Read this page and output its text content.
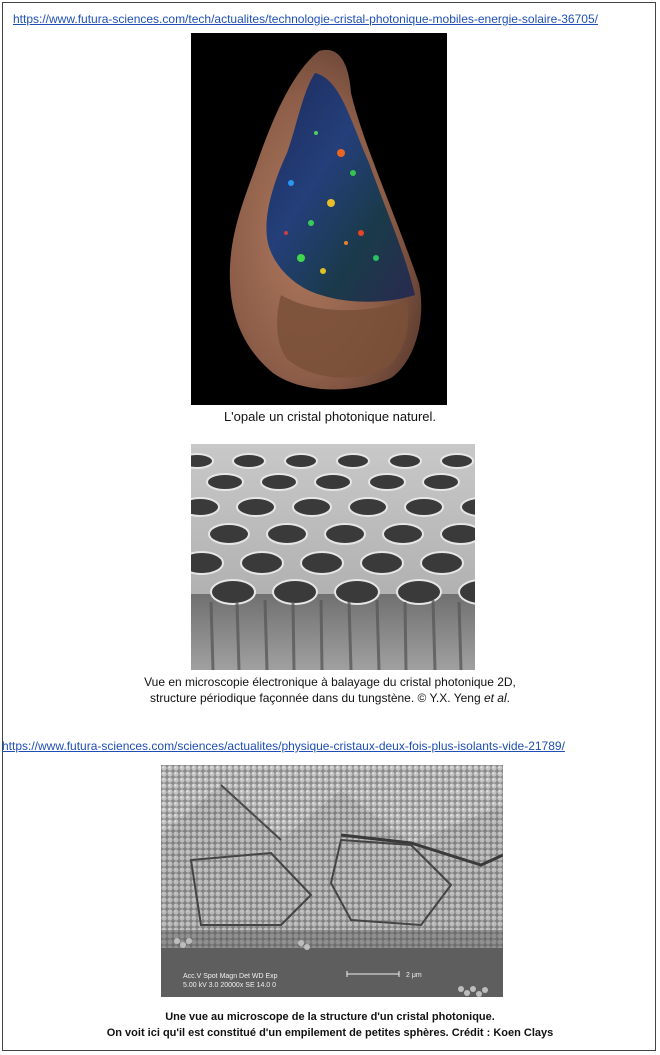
https://www.futura-sciences.com/tech/actualites/technologie-cristal-photonique-mobiles-energie-solaire-36705/
L'opale un cristal photonique naturel.
Vue en microscopie électronique à balayage du cristal photonique 2D,
structure périodique façonnée dans du tungstène. © Y.X. Yeng et al.
https://www.futura-sciences.com/sciences/actualites/physique-cristaux-deux-fois-plus-isolants-vide-21789/
Acc.V Spot Magn Det WD Exp
5.00 kV 3.0 20000x SE 14.0 0
2 μm
Une vue au microscope de la structure d'un cristal photonique.
On voit ici qu'il est constitué d'un empilement de petites sphères. Crédit : Koen Clays
